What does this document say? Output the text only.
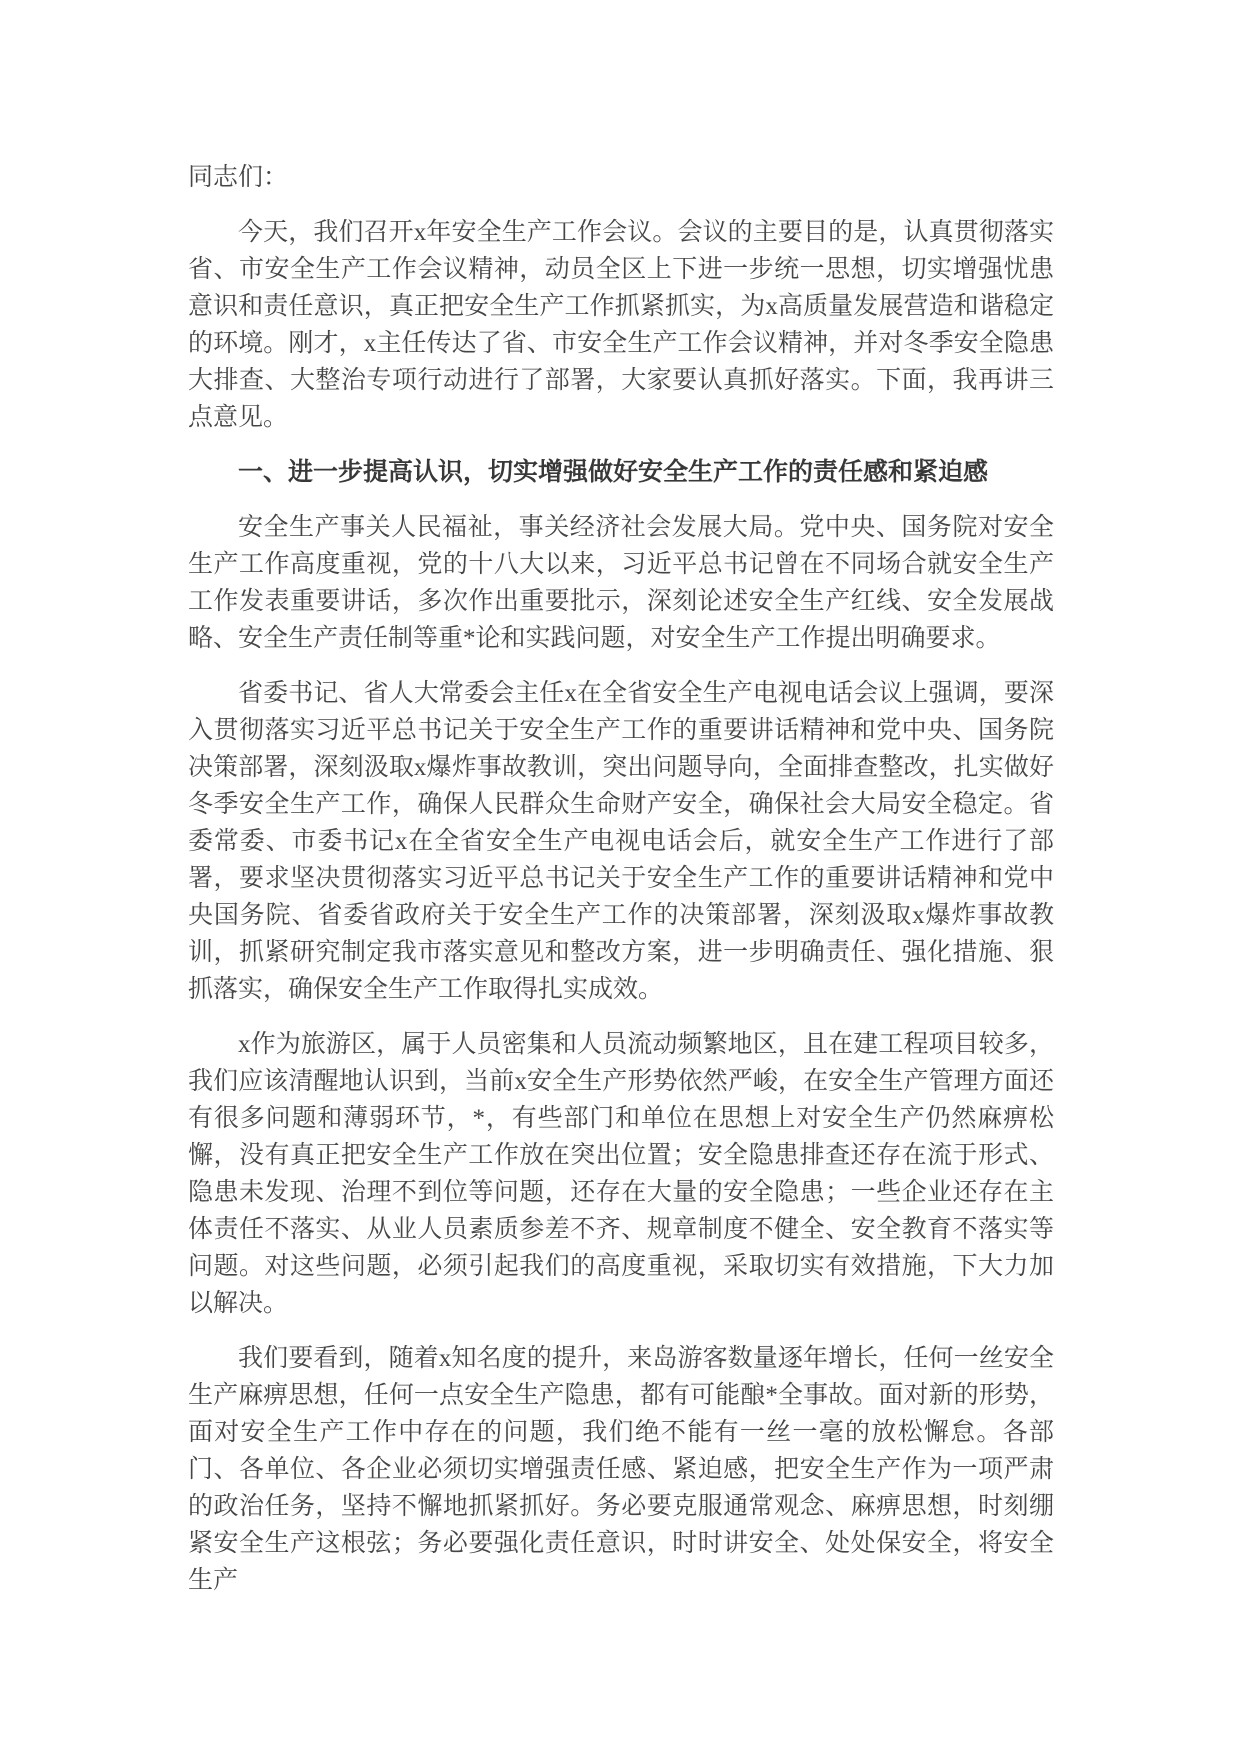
同志们：

今天，我们召开x年安全生产工作会议。会议的主要目的是，认真贯彻落实省、市安全生产工作会议精神，动员全区上下进一步统一思想，切实增强忧患意识和责任意识，真正把安全生产工作抓紧抓实，为x高质量发展营造和谐稳定的环境。刚才，x主任传达了省、市安全生产工作会议精神，并对冬季安全隐患大排查、大整治专项行动进行了部署，大家要认真抓好落实。下面，我再讲三点意见。

一、进一步提高认识，切实增强做好安全生产工作的责任感和紧迫感

安全生产事关人民福祉，事关经济社会发展大局。党中央、国务院对安全生产工作高度重视，党的十八大以来，习近平总书记曾在不同场合就安全生产工作发表重要讲话，多次作出重要批示，深刻论述安全生产红线、安全发展战略、安全生产责任制等重*论和实践问题，对安全生产工作提出明确要求。

省委书记、省人大常委会主任x在全省安全生产电视电话会议上强调，要深入贯彻落实习近平总书记关于安全生产工作的重要讲话精神和党中央、国务院决策部署，深刻汲取x爆炸事故教训，突出问题导向，全面排查整改，扎实做好冬季安全生产工作，确保人民群众生命财产安全，确保社会大局安全稳定。省委常委、市委书记x在全省安全生产电视电话会后，就安全生产工作进行了部署，要求坚决贯彻落实习近平总书记关于安全生产工作的重要讲话精神和党中央国务院、省委省政府关于安全生产工作的决策部署，深刻汲取x爆炸事故教训，抓紧研究制定我市落实意见和整改方案，进一步明确责任、强化措施、狠抓落实，确保安全生产工作取得扎实成效。

x作为旅游区，属于人员密集和人员流动频繁地区，且在建工程项目较多，我们应该清醒地认识到，当前x安全生产形势依然严峻，在安全生产管理方面还有很多问题和薄弱环节，*，有些部门和单位在思想上对安全生产仍然麻痹松懈，没有真正把安全生产工作放在突出位置；安全隐患排查还存在流于形式、隐患未发现、治理不到位等问题，还存在大量的安全隐患；一些企业还存在主体责任不落实、从业人员素质参差不齐、规章制度不健全、安全教育不落实等问题。对这些问题，必须引起我们的高度重视，采取切实有效措施，下大力加以解决。

我们要看到，随着x知名度的提升，来岛游客数量逐年增长，任何一丝安全生产麻痹思想，任何一点安全生产隐患，都有可能酿*全事故。面对新的形势，面对安全生产工作中存在的问题，我们绝不能有一丝一毫的放松懈怠。各部门、各单位、各企业必须切实增强责任感、紧迫感，把安全生产作为一项严肃的政治任务，坚持不懈地抓紧抓好。务必要克服通常观念、麻痹思想，时刻绷紧安全生产这根弦；务必要强化责任意识，时时讲安全、处处保安全，将安全生产
